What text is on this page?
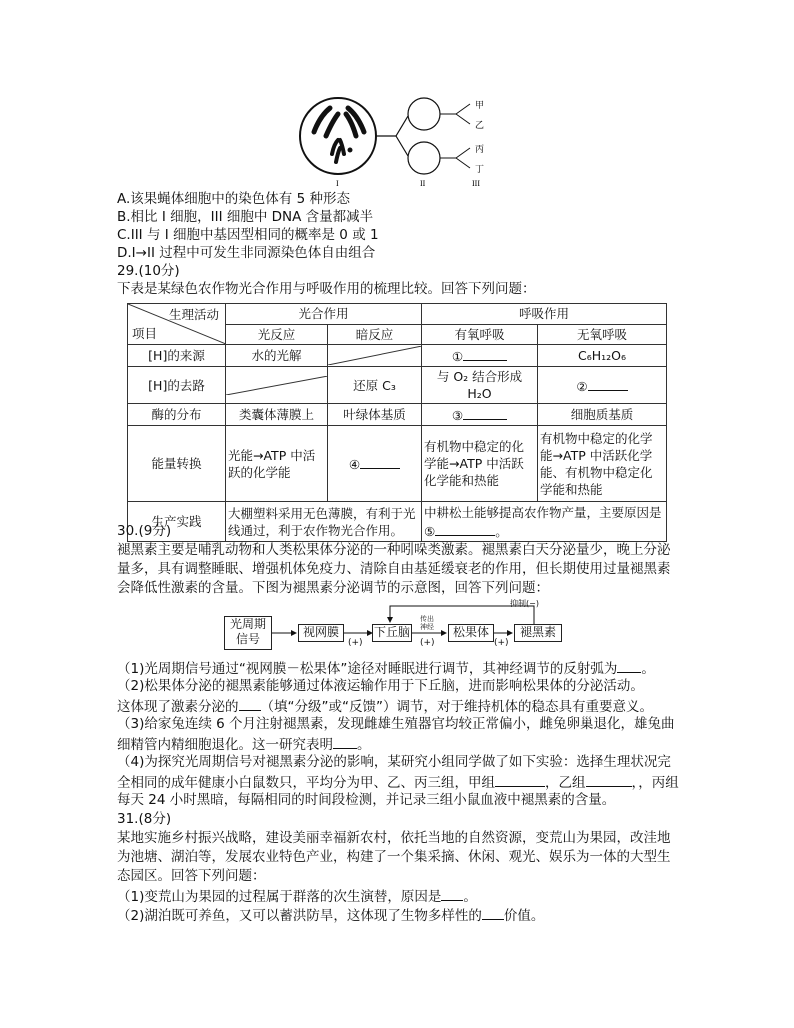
甲
乙
丙
丁
I	II	III
A.该果蝇体细胞中的染色体有 5 种形态
B.相比 I 细胞，III 细胞中 DNA 含量都减半
C.III 与 I 细胞中基因型相同的概率是 0 或 1
D.I→II 过程中可发生非同源染色体自由组合
29.(10分)
下表是某绿色农作物光合作用与呼吸作用的梳理比较。回答下列问题：
生理活动
项目	光合作用		呼吸作用	
	光反应	暗反应	有氧呼吸	无氧呼吸
[H]的来源	水的光解		①	C₆H₁₂O₆
[H]的去路		还原 C₃	与 O₂ 结合形成 H₂O	②
酶的分布	类囊体薄膜上	叶绿体基质	③	细胞质基质
能量转换	光能→ATP 中活跃的化学能	④	有机物中稳定的化学能→ATP 中活跃化学能和热能	有机物中稳定的化学能→ATP 中活跃化学能、有机物中稳定化学能和热能
生产实践	大棚塑料采用无色薄膜，有利于光线通过，利于农作物光合作用。		中耕松土能够提高农作物产量，主要原因是⑤ 。	
30.(9分)
褪黑素主要是哺乳动物和人类松果体分泌的一种吲哚类激素。褪黑素白天分泌量少，晚上分泌
量多，具有调整睡眠、增强机体免疫力、清除自由基延缓衰老的作用，但长期使用过量褪黑素
会降低性激素的含量。下图为褪黑素分泌调节的示意图，回答下列问题：
光周期
信号	视网膜	下丘脑	松果体	褪黑素
(+)	(+)	(+)
传出
神经
抑制(−)
（1)光周期信号通过“视网膜－松果体”途径对睡眠进行调节，其神经调节的反射弧为 。
（2)松果体分泌的褪黑素能够通过体液运输作用于下丘脑，进而影响松果体的分泌活动。
这体现了激素分泌的 （填“分级”或“反馈”）调节，对于维持机体的稳态具有重要意义。
（3)给家兔连续 6 个月注射褪黑素，发现雌雄生殖器官均较正常偏小，雌兔卵巢退化，雄兔曲
细精管内精细胞退化。这一研究表明 。
（4)为探究光周期信号对褪黑素分泌的影响，某研究小组同学做了如下实验：选择生理状况完
全相同的成年健康小白鼠数只，平均分为甲、乙、丙三组，甲组	，乙组	，，丙组
每天 24 小时黑暗，每隔相同的时间段检测，并记录三组小鼠血液中褪黑素的含量。
31.(8分)
某地实施乡村振兴战略，建设美丽幸福新农村，依托当地的自然资源，变荒山为果园，改洼地
为池塘、湖泊等，发展农业特色产业，构建了一个集采摘、休闲、观光、娱乐为一体的大型生
态园区。回答下列问题：
（1)变荒山为果园的过程属于群落的次生演替，原因是 。
（2)湖泊既可养鱼，又可以蓄洪防旱，这体现了生物多样性的 价值。
